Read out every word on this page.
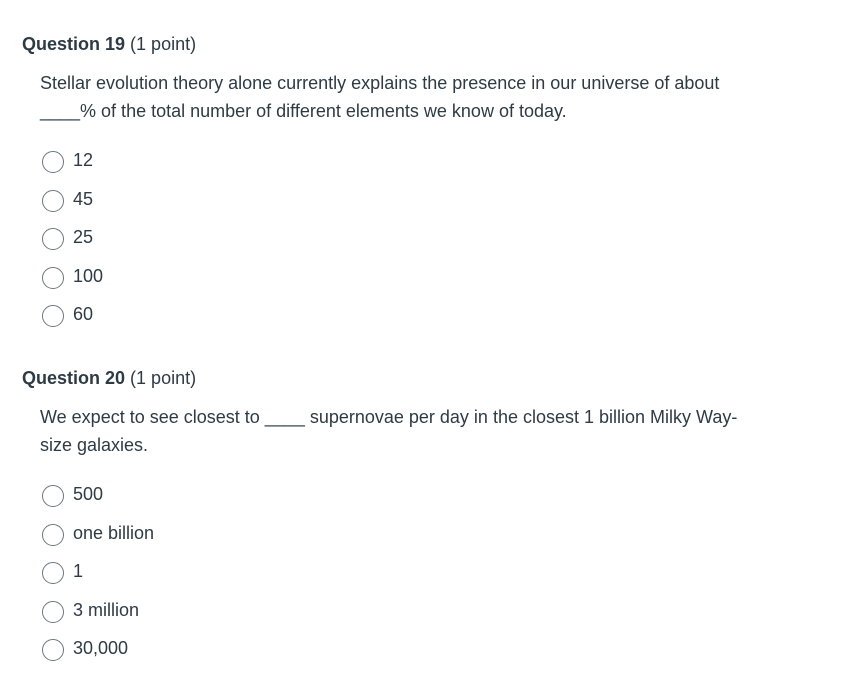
Question 19 (1 point)
Stellar evolution theory alone currently explains the presence in our universe of about ____% of the total number of different elements we know of today.
12
45
25
100
60
Question 20 (1 point)
We expect to see closest to ____ supernovae per day in the closest 1 billion Milky Way-size galaxies.
500
one billion
1
3 million
30,000
